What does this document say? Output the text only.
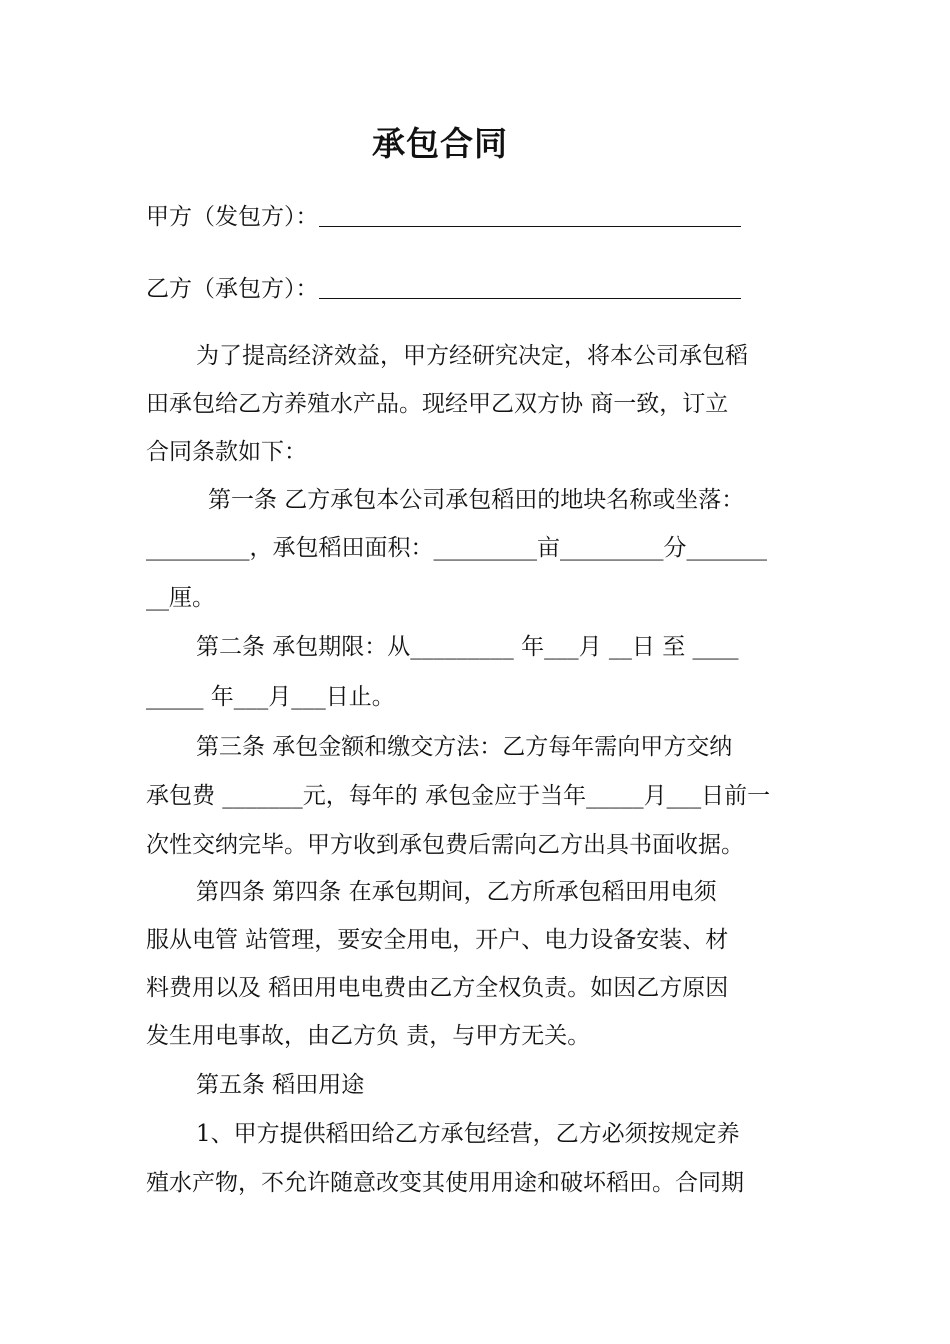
承包合同
甲方（发包方）：
乙方（承包方）：
为了提高经济效益，甲方经研究决定，将本公司承包稻
田承包给乙方养殖水产品。现经甲乙双方协 商一致，订立
合同条款如下：
第一条 乙方承包本公司承包稻田的地块名称或坐落：
_________，承包稻田面积：_________亩_________分_______
__厘。
第二条 承包期限：从_________ 年___月 __日 至 ____
_____ 年___月___日止。
第三条 承包金额和缴交方法：乙方每年需向甲方交纳
承包费 _______元，每年的 承包金应于当年_____月___日前一
次性交纳完毕。甲方收到承包费后需向乙方出具书面收据。
第四条 第四条 在承包期间，乙方所承包稻田用电须
服从电管 站管理，要安全用电，开户、电力设备安装、材
料费用以及 稻田用电电费由乙方全权负责。如因乙方原因
发生用电事故，由乙方负 责，与甲方无关。
第五条 稻田用途
1、甲方提供稻田给乙方承包经营，乙方必须按规定养
殖水产物，不允许随意改变其使用用途和破坏稻田。合同期
